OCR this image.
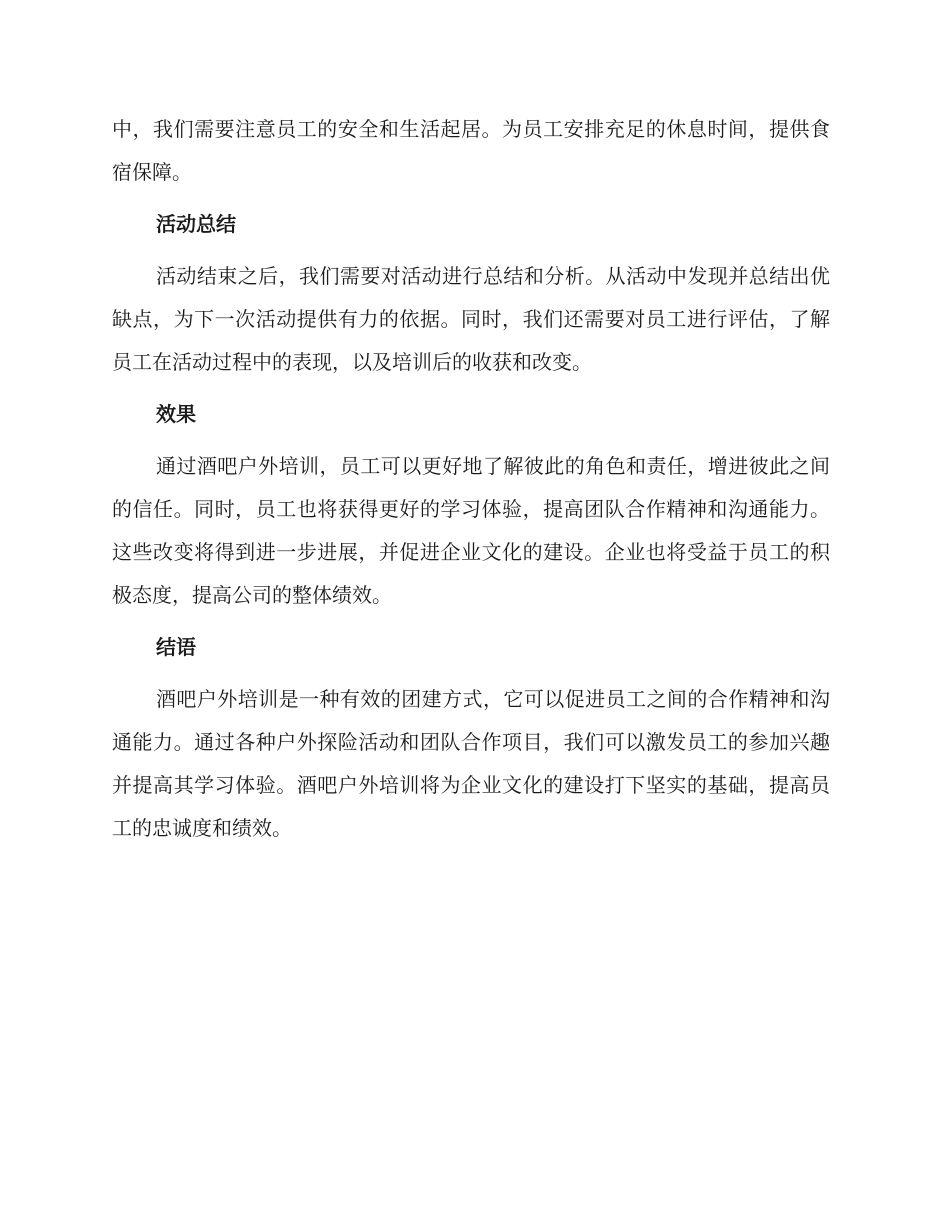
中，我们需要注意员工的安全和生活起居。为员工安排充足的休息时间，提供食宿保障。

活动总结

活动结束之后，我们需要对活动进行总结和分析。从活动中发现并总结出优缺点，为下一次活动提供有力的依据。同时，我们还需要对员工进行评估，了解员工在活动过程中的表现，以及培训后的收获和改变。

效果

通过酒吧户外培训，员工可以更好地了解彼此的角色和责任，增进彼此之间的信任。同时，员工也将获得更好的学习体验，提高团队合作精神和沟通能力。这些改变将得到进一步进展，并促进企业文化的建设。企业也将受益于员工的积极态度，提高公司的整体绩效。

结语

酒吧户外培训是一种有效的团建方式，它可以促进员工之间的合作精神和沟通能力。通过各种户外探险活动和团队合作项目，我们可以激发员工的参加兴趣并提高其学习体验。酒吧户外培训将为企业文化的建设打下坚实的基础，提高员工的忠诚度和绩效。
